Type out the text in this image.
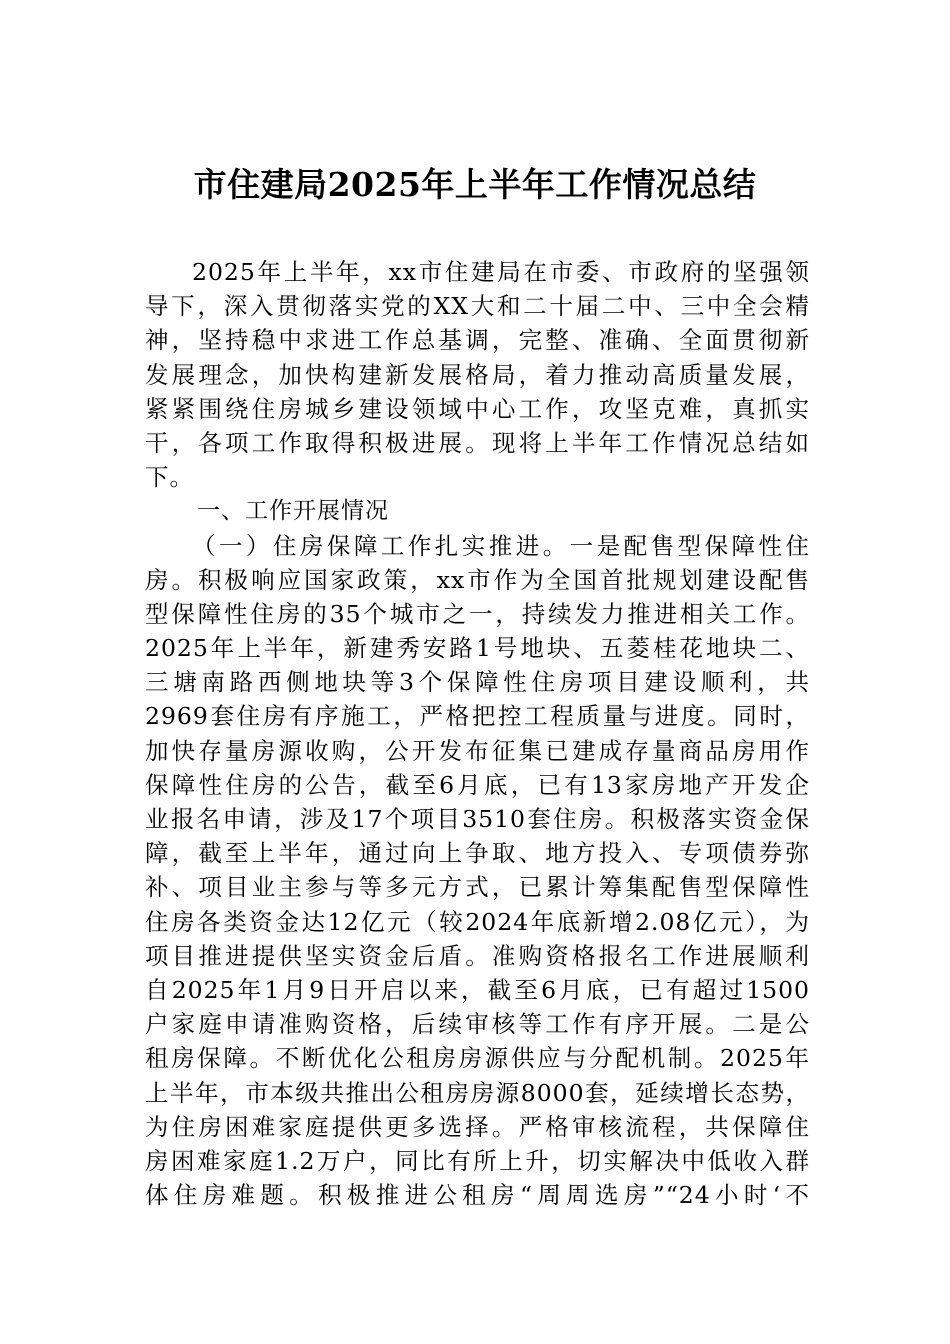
市住建局2025年上半年工作情况总结
2025年上半年，xx市住建局在市委、市政府的坚强领
导下，深入贯彻落实党的XX大和二十届二中、三中全会精
神，坚持稳中求进工作总基调，完整、准确、全面贯彻新
发展理念，加快构建新发展格局，着力推动高质量发展，
紧紧围绕住房城乡建设领域中心工作，攻坚克难，真抓实
干，各项工作取得积极进展。现将上半年工作情况总结如
下。
一、工作开展情况
（一）住房保障工作扎实推进。一是配售型保障性住
房。积极响应国家政策，xx市作为全国首批规划建设配售
型保障性住房的35个城市之一，持续发力推进相关工作。
2025年上半年，新建秀安路1号地块、五菱桂花地块二、
三塘南路西侧地块等3个保障性住房项目建设顺利，共
2969套住房有序施工，严格把控工程质量与进度。同时，
加快存量房源收购，公开发布征集已建成存量商品房用作
保障性住房的公告，截至6月底，已有13家房地产开发企
业报名申请，涉及17个项目3510套住房。积极落实资金保
障，截至上半年，通过向上争取、地方投入、专项债券弥
补、项目业主参与等多元方式，已累计筹集配售型保障性
住房各类资金达12亿元（较2024年底新增2.08亿元），为
项目推进提供坚实资金后盾。准购资格报名工作进展顺利
自2025年1月9日开启以来，截至6月底，已有超过1500
户家庭申请准购资格，后续审核等工作有序开展。二是公
租房保障。不断优化公租房房源供应与分配机制。2025年
上半年，市本级共推出公租房房源8000套，延续增长态势，
为住房困难家庭提供更多选择。严格审核流程，共保障住
房困难家庭1.2万户，同比有所上升，切实解决中低收入群
体住房难题。积极推进公租房“周周选房”“24小时‘不
